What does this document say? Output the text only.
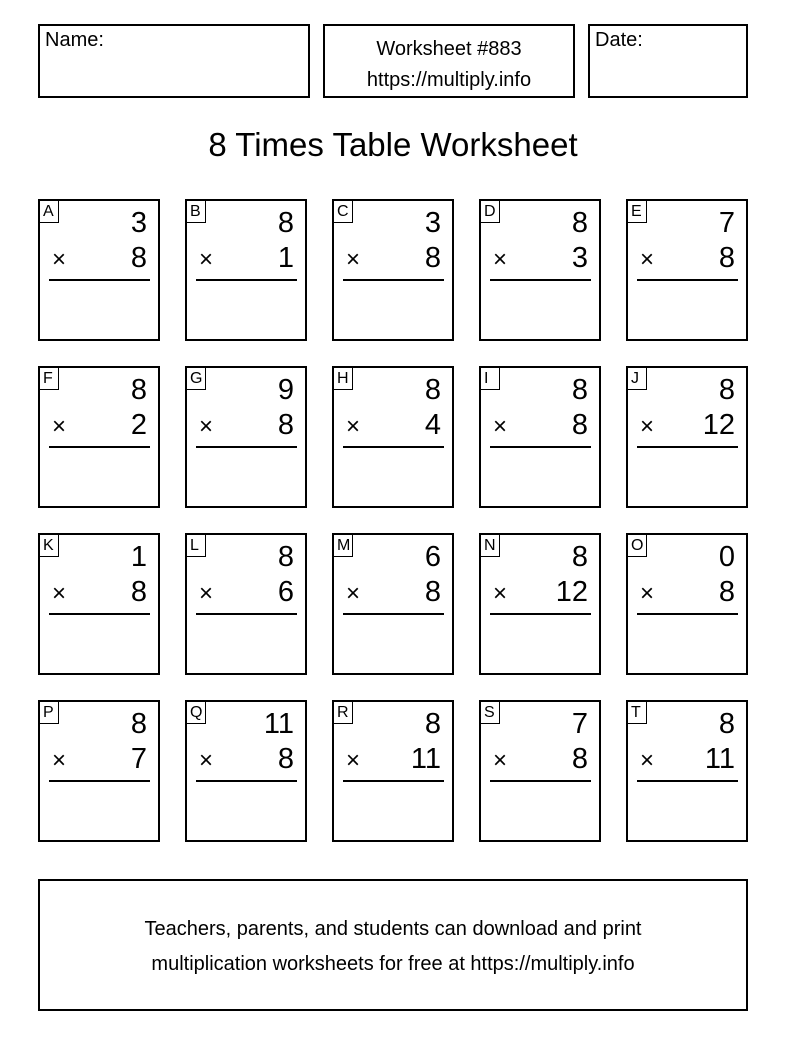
Name:	Worksheet #883
https://multiply.info
Date:
8 Times Table Worksheet
A	3
× 8
B	8
× 1
C	3
× 8
D	8
× 3
E	7
× 8
F	8
× 2
G	9
× 8
H	8
× 4
I	8
× 8
J	8
× 12
K	1
× 8
L	8
× 6
M	6
× 8
N	8
× 12
O	0
× 8
P	8
× 7
Q 11
× 8
R	8
× 11
S	7
× 8
T	8
× 11
Teachers, parents, and students can download and print
multiplication worksheets for free at https://multiply.info
